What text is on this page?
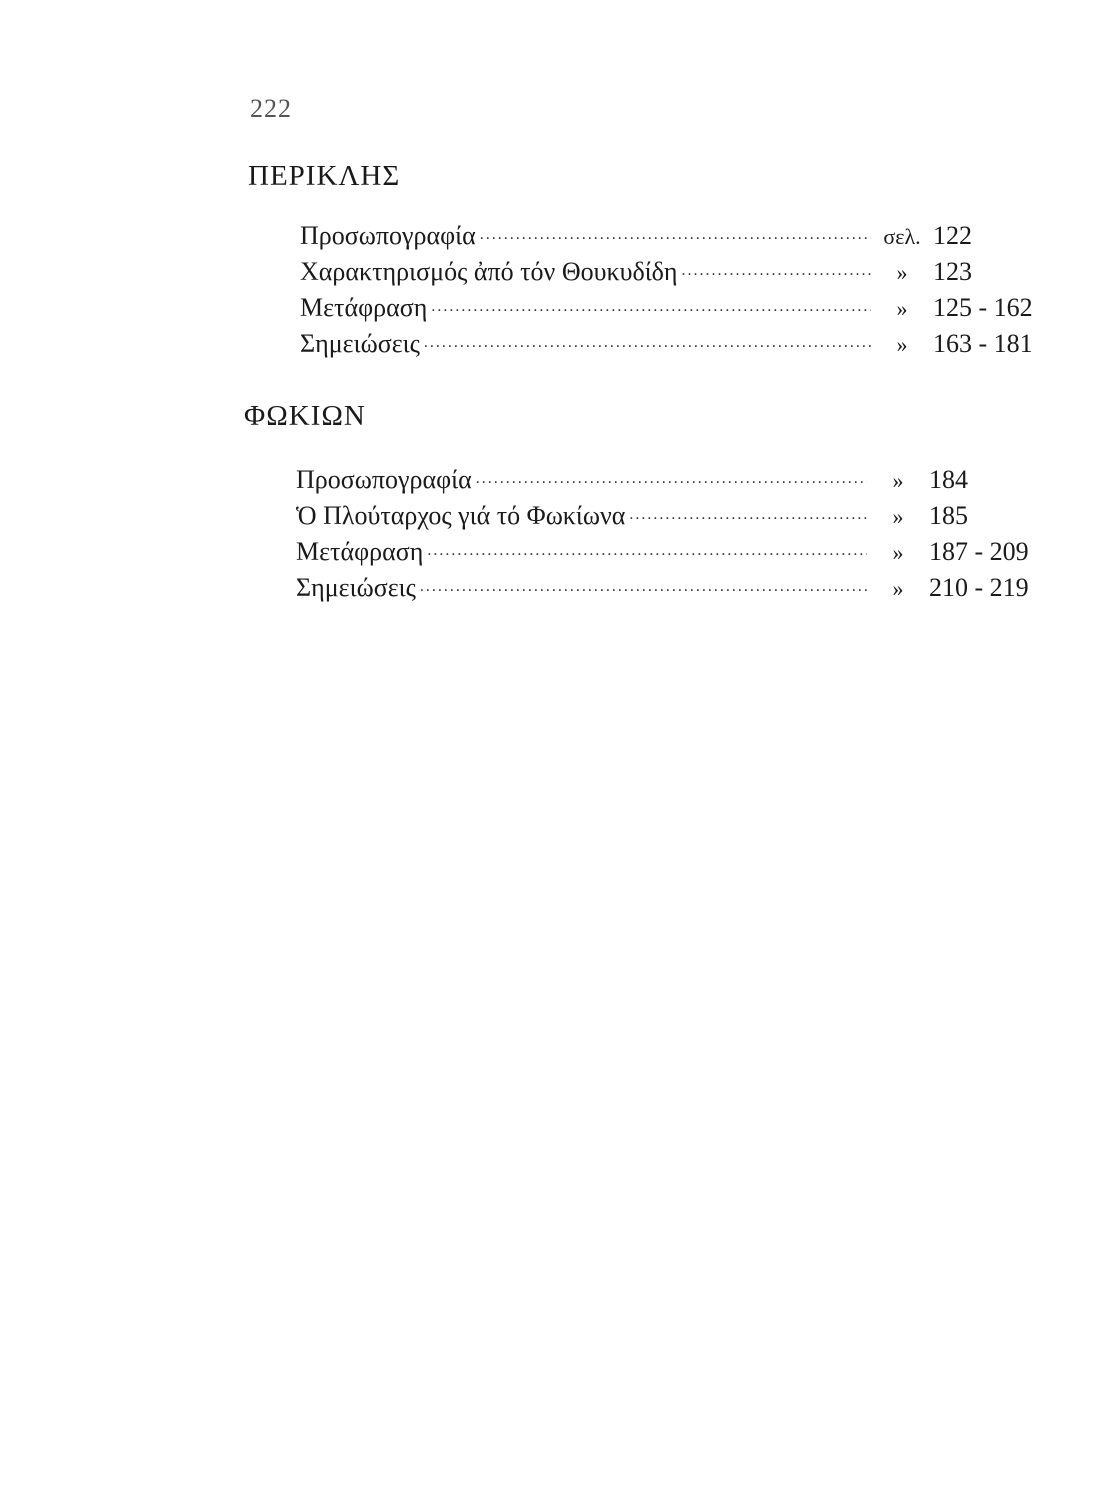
222
ΠΕΡΙΚΛΗΣ
Προσωπογραφία . . .	σελ. 122
Χαρακτηρισμός ἀπό τόν Θουκυδίδη . . .	» 123
Μετάφραση . . .	» 125 - 162
Σημειώσεις . . .	» 163 - 181
ΦΩΚΙΩΝ
Προσωπογραφία . . .	» 184
Ὁ Πλούταρχος γιά τό Φωκίωνα . . .	» 185
Μετάφραση . . .	» 187 - 209
Σημειώσεις . . .	» 210 - 219
